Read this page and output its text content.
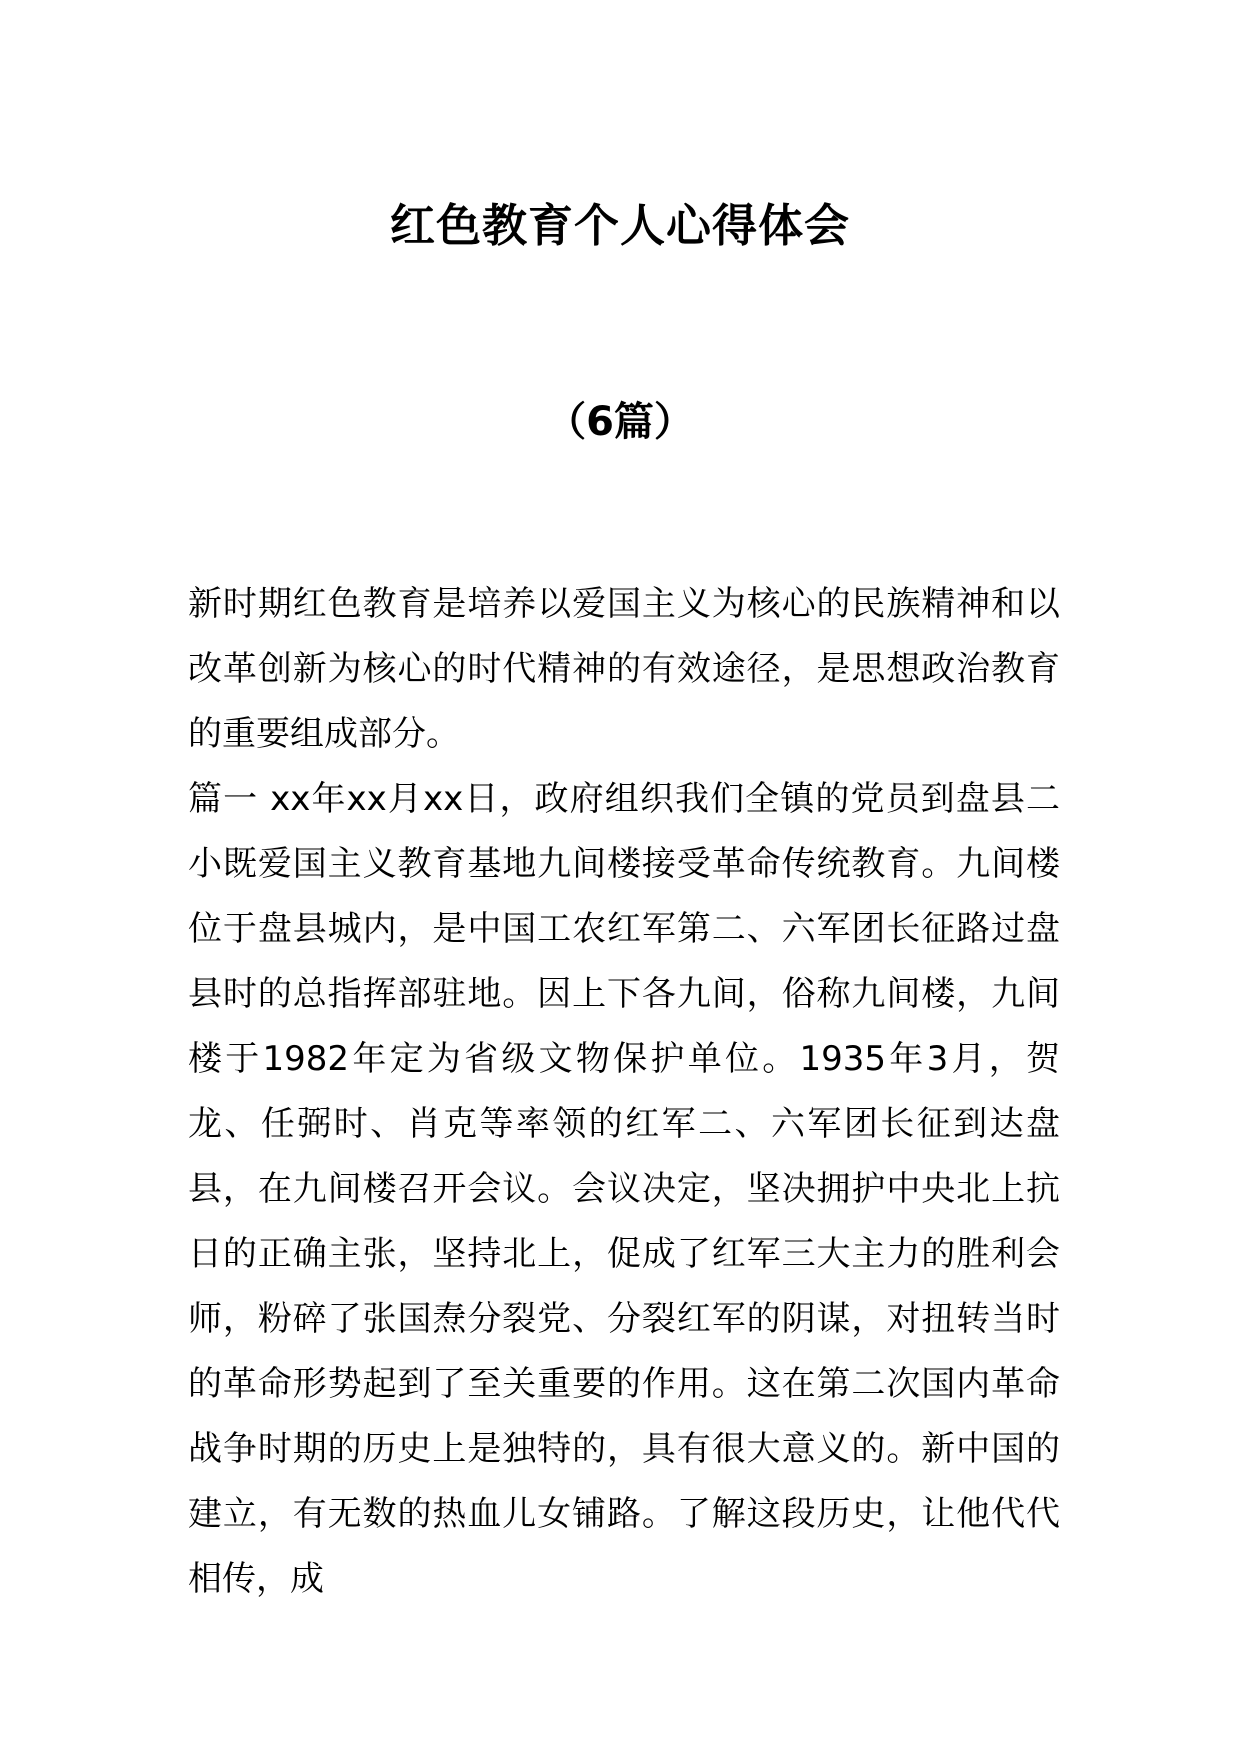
红色教育个人心得体会
（6篇）

新时期红色教育是培养以爱国主义为核心的民族精神和以改革创新为核心的时代精神的有效途径，是思想政治教育的重要组成部分。

篇一 xx年xx月xx日，政府组织我们全镇的党员到盘县二小既爱国主义教育基地九间楼接受革命传统教育。九间楼位于盘县城内，是中国工农红军第二、六军团长征路过盘县时的总指挥部驻地。因上下各九间，俗称九间楼，九间楼于1982年定为省级文物保护单位。1935年3月，贺龙、任弼时、肖克等率领的红军二、六军团长征到达盘县，在九间楼召开会议。会议决定，坚决拥护中央北上抗日的正确主张，坚持北上，促成了红军三大主力的胜利会师，粉碎了张国焘分裂党、分裂红军的阴谋，对扭转当时的革命形势起到了至关重要的作用。这在第二次国内革命战争时期的历史上是独特的，具有很大意义的。新中国的建立，有无数的热血儿女铺路。了解这段历史，让他代代相传，成
